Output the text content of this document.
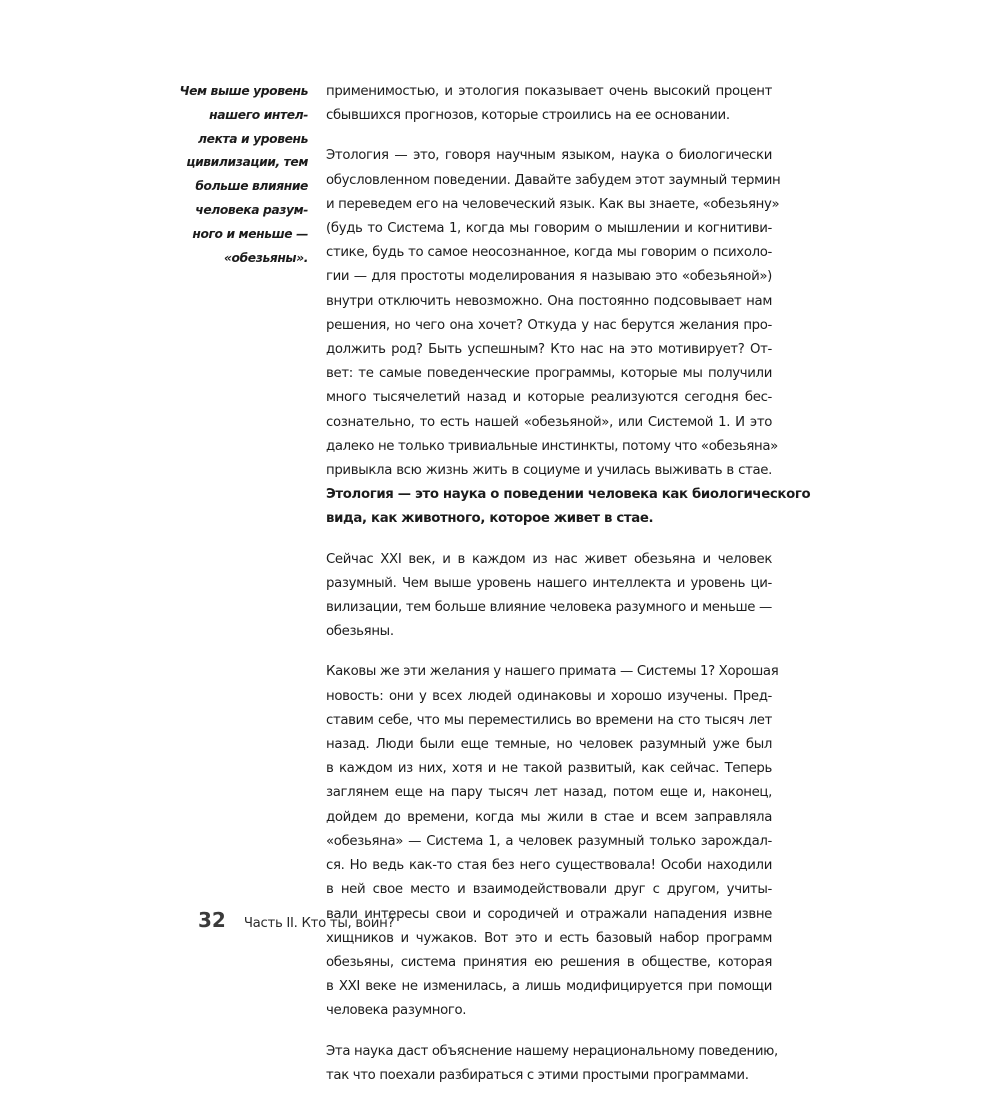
Чем выше уровень
нашего интел-
лекта и уровень
цивилизации, тем
больше влияние
человека разум-
ного и меньше —
«обезьяны».

применимостью, и этология показывает очень высокий процент
сбывшихся прогнозов, которые строились на ее основании.

Этология — это, говоря научным языком, наука о биологически
обусловленном поведении. Давайте забудем этот заумный термин
и переведем его на человеческий язык. Как вы знаете, «обезьяну»
(будь то Система 1, когда мы говорим о мышлении и когнитиви-
стике, будь то самое неосознанное, когда мы говорим о психоло-
гии — для простоты моделирования я называю это «обезьяной»)
внутри отключить невозможно. Она постоянно подсовывает нам
решения, но чего она хочет? Откуда у нас берутся желания про-
должить род? Быть успешным? Кто нас на это мотивирует? От-
вет: те самые поведенческие программы, которые мы получили
много тысячелетий назад и которые реализуются сегодня бес-
сознательно, то есть нашей «обезьяной», или Системой 1. И это
далеко не только тривиальные инстинкты, потому что «обезьяна»
привыкла всю жизнь жить в социуме и училась выживать в стае.
Этология — это наука о поведении человека как биологического
вида, как животного, которое живет в стае.

Сейчас XXI век, и в каждом из нас живет обезьяна и человек
разумный. Чем выше уровень нашего интеллекта и уровень ци-
вилизации, тем больше влияние человека разумного и меньше —
обезьяны.

Каковы же эти желания у нашего примата — Системы 1? Хорошая
новость: они у всех людей одинаковы и хорошо изучены. Пред-
ставим себе, что мы переместились во времени на сто тысяч лет
назад. Люди были еще темные, но человек разумный уже был
в каждом из них, хотя и не такой развитый, как сейчас. Теперь
заглянем еще на пару тысяч лет назад, потом еще и, наконец,
дойдем до времени, когда мы жили в стае и всем заправляла
«обезьяна» — Система 1, а человек разумный только зарождал-
ся. Но ведь как-то стая без него существовала! Особи находили
в ней свое место и взаимодействовали друг с другом, учиты-
вали интересы свои и сородичей и отражали нападения извне
хищников и чужаков. Вот это и есть базовый набор программ
обезьяны, система принятия ею решения в обществе, которая
в XXI веке не изменилась, а лишь модифицируется при помощи
человека разумного.

Эта наука даст объяснение нашему нерациональному поведению,
так что поехали разбираться с этими простыми программами.

32 Часть II. Кто ты, воин?
